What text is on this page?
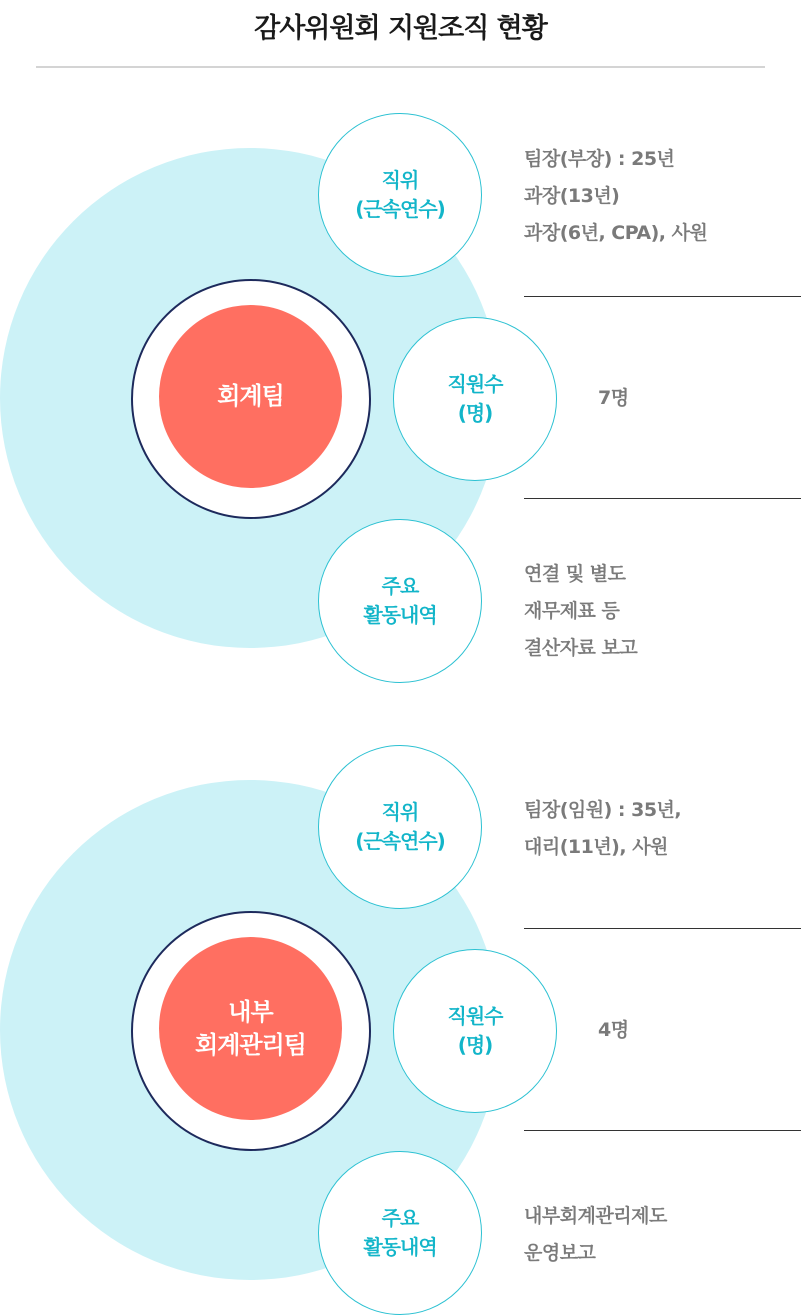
감사위원회 지원조직 현황
회계팀
직위
(근속연수)
직원수
(명)
주요
활동내역
팀장(부장) : 25년
과장(13년)
과장(6년, CPA), 사원
7명
연결 및 별도
재무제표 등
결산자료 보고
내부
회계관리팀
직위
(근속연수)
직원수
(명)
주요
활동내역
팀장(임원) : 35년,
대리(11년), 사원
4명
내부회계관리제도
운영보고
